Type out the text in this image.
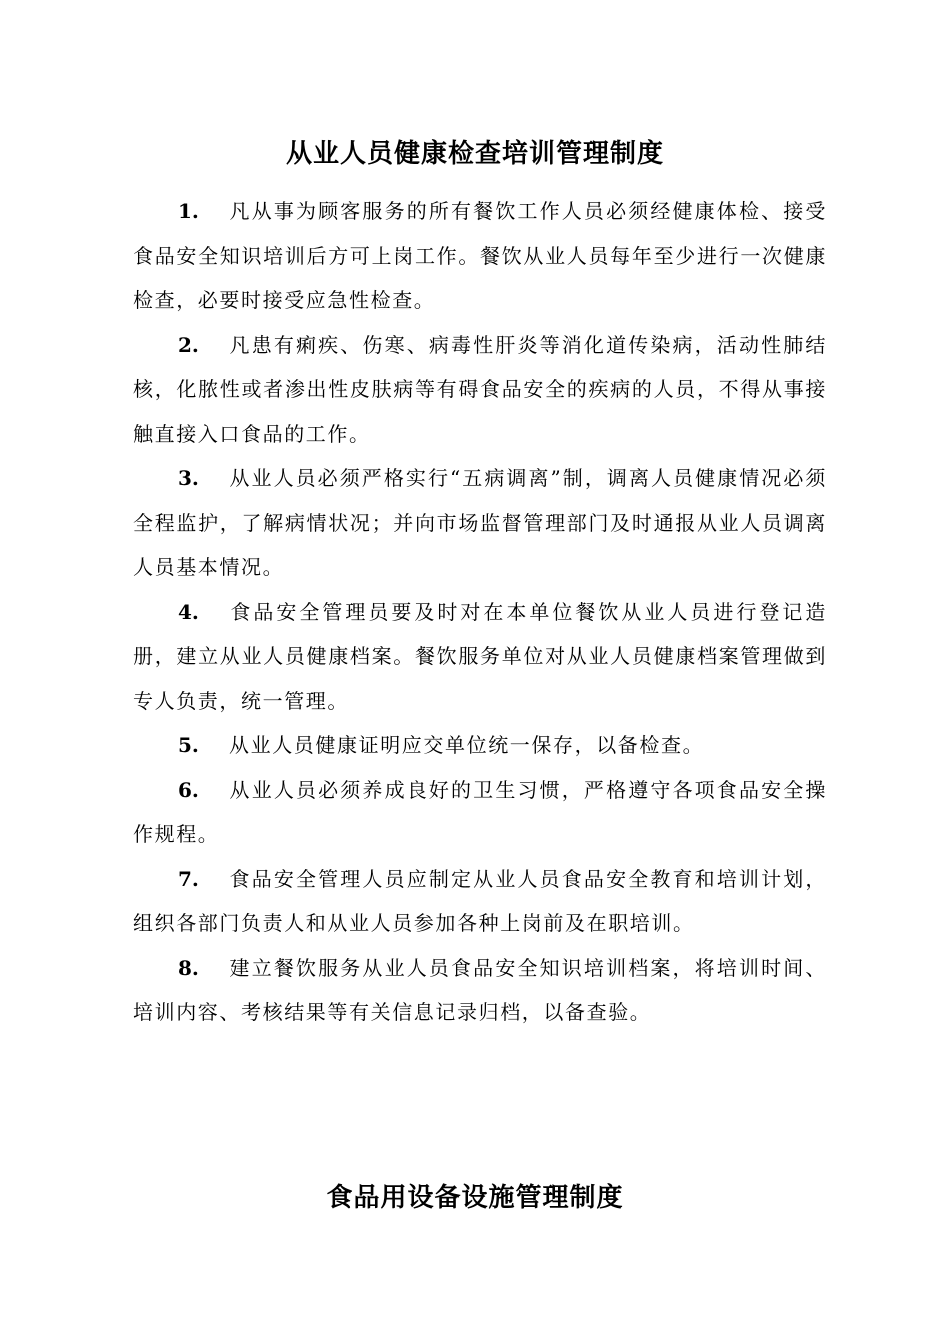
从业人员健康检查培训管理制度

1. 凡从事为顾客服务的所有餐饮工作人员必须经健康体检、接受食品安全知识培训后方可上岗工作。餐饮从业人员每年至少进行一次健康检查，必要时接受应急性检查。

2. 凡患有痢疾、伤寒、病毒性肝炎等消化道传染病，活动性肺结核，化脓性或者渗出性皮肤病等有碍食品安全的疾病的人员，不得从事接触直接入口食品的工作。

3. 从业人员必须严格实行“五病调离”制，调离人员健康情况必须全程监护，了解病情状况；并向市场监督管理部门及时通报从业人员调离人员基本情况。

4. 食品安全管理员要及时对在本单位餐饮从业人员进行登记造册，建立从业人员健康档案。餐饮服务单位对从业人员健康档案管理做到专人负责，统一管理。

5. 从业人员健康证明应交单位统一保存，以备检查。

6. 从业人员必须养成良好的卫生习惯，严格遵守各项食品安全操作规程。

7. 食品安全管理人员应制定从业人员食品安全教育和培训计划，组织各部门负责人和从业人员参加各种上岗前及在职培训。

8. 建立餐饮服务从业人员食品安全知识培训档案，将培训时间、培训内容、考核结果等有关信息记录归档，以备查验。

食品用设备设施管理制度
